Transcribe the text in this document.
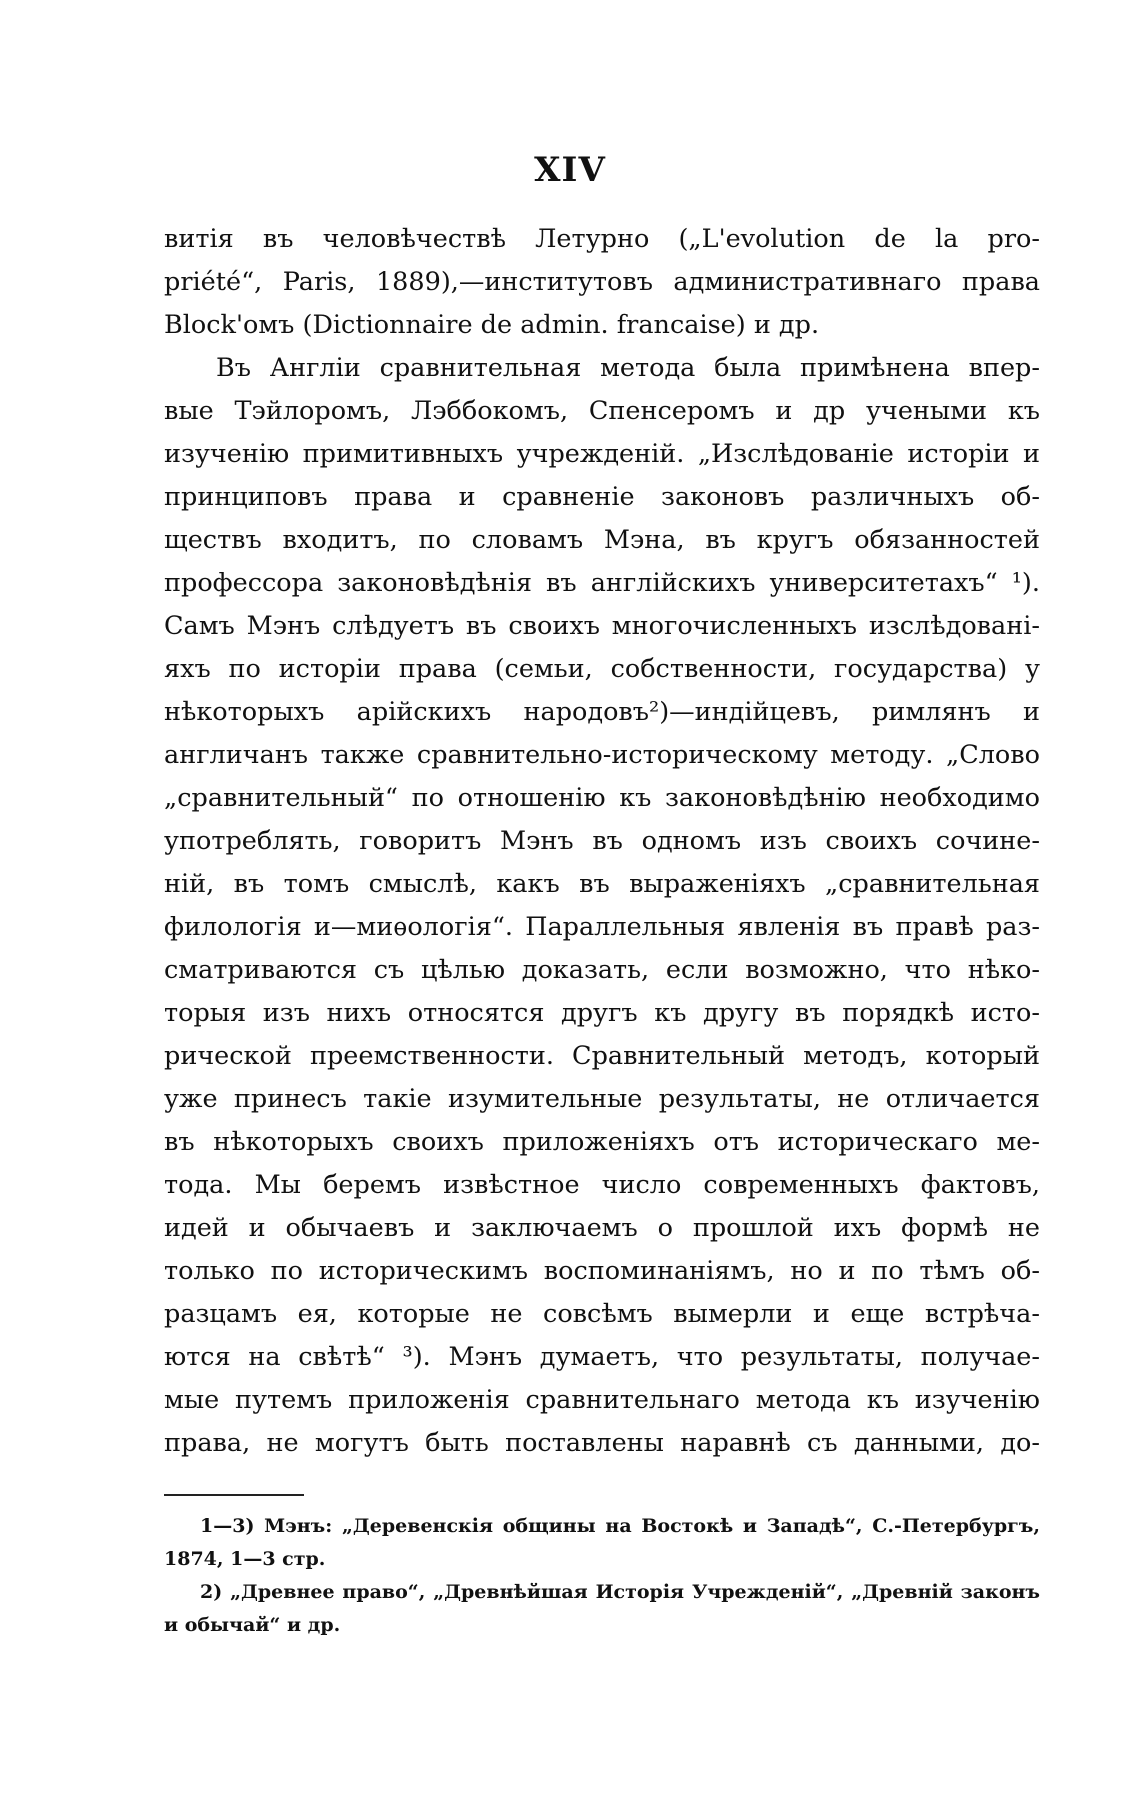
XIV
витія въ человѣчествѣ Летурно („L'evolution de la pro-
priété“, Paris, 1889),—институтовъ административнаго права
Block'омъ (Dictionnaire de admin. francaise) и др.
Въ Англіи сравнительная метода была примѣнена впер-
вые Тэйлоромъ, Лэббокомъ, Спенсеромъ и др учеными къ
изученію примитивныхъ учрежденій. „Изслѣдованіе исторіи и
принциповъ права и сравненіе законовъ различныхъ об-
ществъ входитъ, по словамъ Мэна, въ кругъ обязанностей
профессора законовѣдѣнія въ англійскихъ университетахъ“ ¹).
Самъ Мэнъ слѣдуетъ въ своихъ многочисленныхъ изслѣдовані-
яхъ по исторіи права (семьи, собственности, государства) у
нѣкоторыхъ арійскихъ народовъ²)—индійцевъ, римлянъ и
англичанъ также сравнительно-историческому методу. „Слово
„сравнительный“ по отношенію къ законовѣдѣнію необходимо
употреблять, говоритъ Мэнъ въ одномъ изъ своихъ сочине-
ній, въ томъ смыслѣ, какъ въ выраженіяхъ „сравнительная
филологія и—миѳологія“. Параллельныя явленія въ правѣ раз-
сматриваются съ цѣлью доказать, если возможно, что нѣко-
торыя изъ нихъ относятся другъ къ другу въ порядкѣ исто-
рической преемственности. Сравнительный методъ, который
уже принесъ такіе изумительные результаты, не отличается
въ нѣкоторыхъ своихъ приложеніяхъ отъ историческаго ме-
тода. Мы беремъ извѣстное число современныхъ фактовъ,
идей и обычаевъ и заключаемъ о прошлой ихъ формѣ не
только по историческимъ воспоминаніямъ, но и по тѣмъ об-
разцамъ ея, которые не совсѣмъ вымерли и еще встрѣча-
ются на свѣтѣ“ ³). Мэнъ думаетъ, что результаты, получае-
мые путемъ приложенія сравнительнаго метода къ изученію
права, не могутъ быть поставлены наравнѣ съ данными, до-
1—3) Мэнъ: „Деревенскія общины на Востокѣ и Западѣ“, С.-Петербургъ,
1874, 1—3 стр.
2) „Древнее право“, „Древнѣйшая Исторія Учрежденій“, „Древній законъ
и обычай“ и др.
